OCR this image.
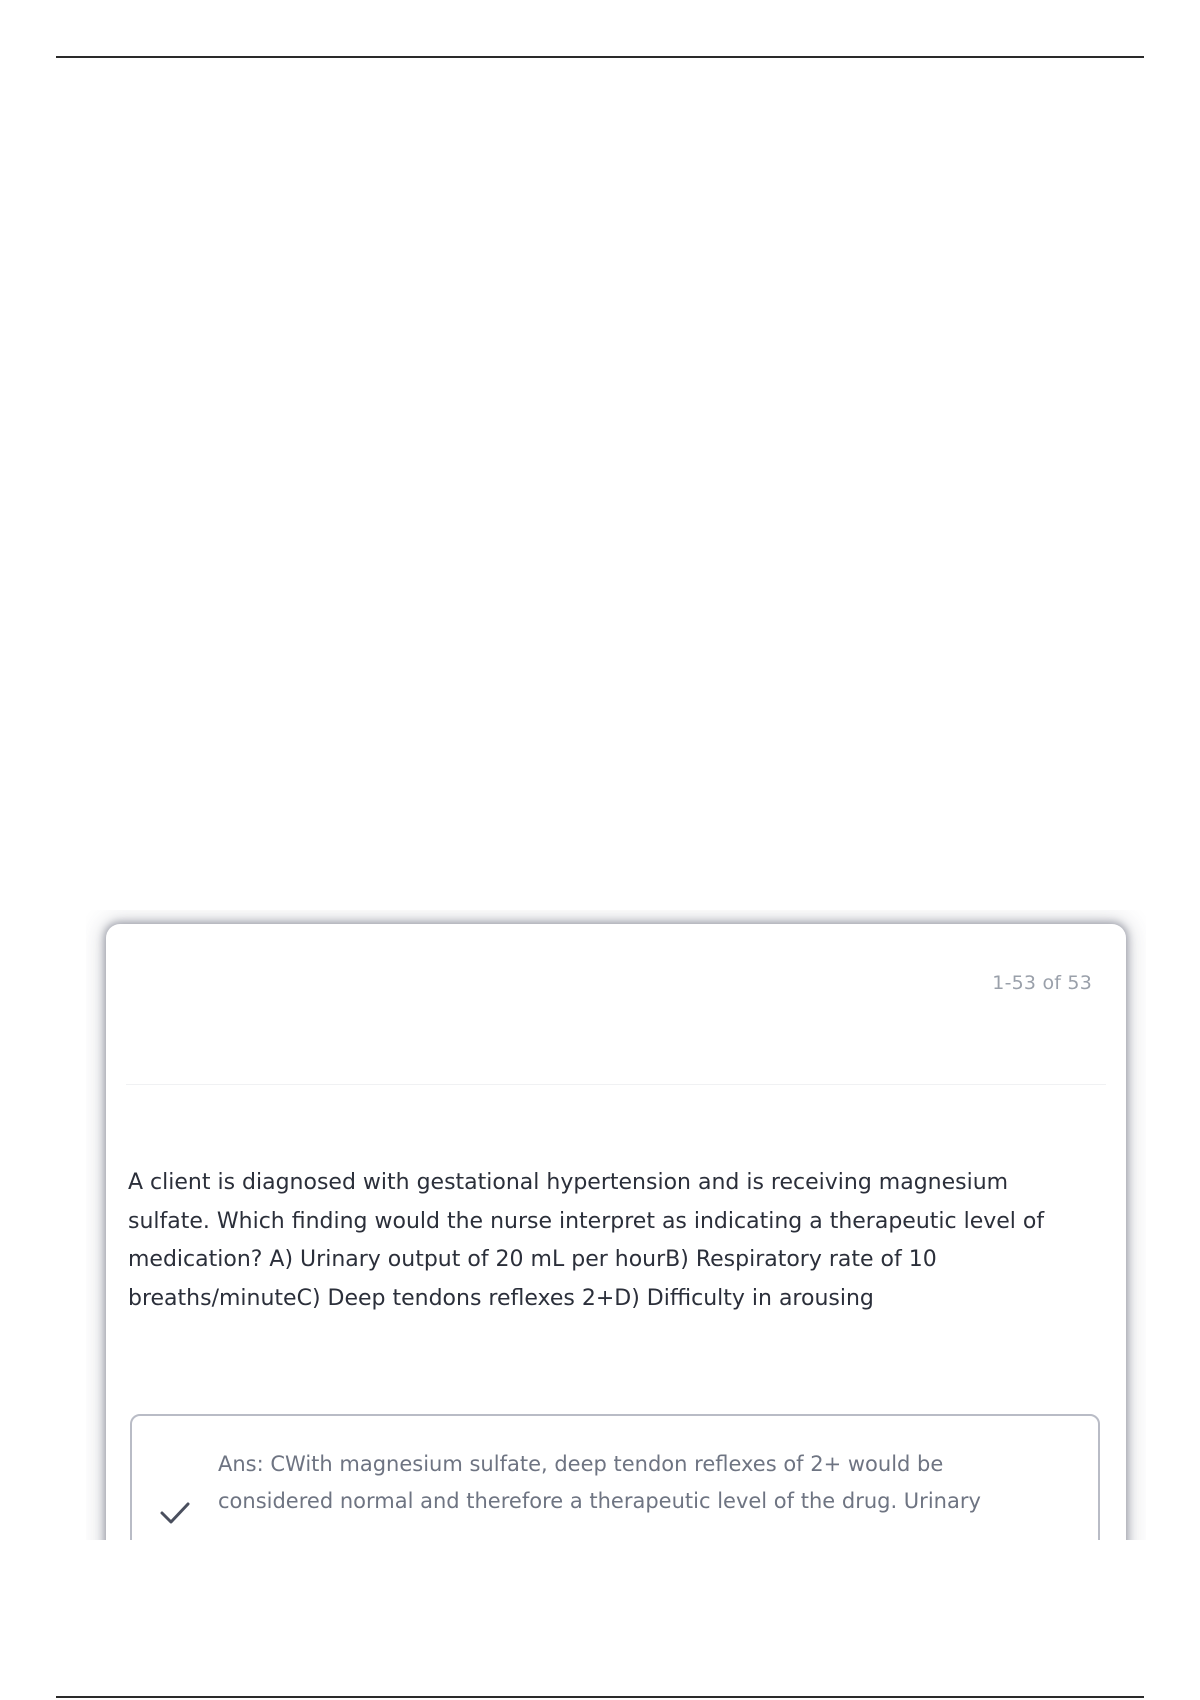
1-53 of 53

A client is diagnosed with gestational hypertension and is receiving magnesium sulfate. Which finding would the nurse interpret as indicating a therapeutic level of medication? A) Urinary output of 20 mL per hourB) Respiratory rate of 10 breaths/minuteC) Deep tendons reflexes 2+D) Difficulty in arousing

Ans: CWith magnesium sulfate, deep tendon reflexes of 2+ would be considered normal and therefore a therapeutic level of the drug. Urinary
